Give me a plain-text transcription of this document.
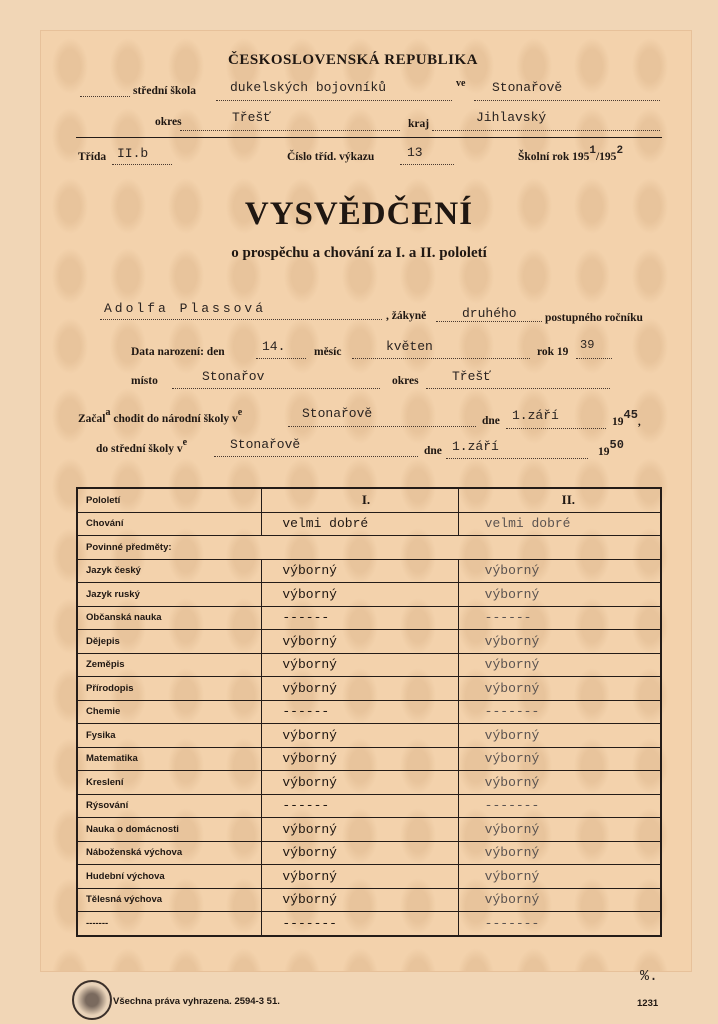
ČESKOSLOVENSKÁ REPUBLIKA
střední škola	dukelských bojovníků	ve Stonařově
okres	Třešť	kraj	Jihlavský
Třída II.b	Číslo tříd. výkazu	13	Školní rok 1951/1952
VYSVĚDČENÍ
o prospěchu a chování za I. a II. pololetí
Adolfa Plassová	, žákyně	druhého postupného ročníku
Data narození: den	14. měsíc	květen	rok 19 39
místo	Stonařov	okres	Třešť
Začala chodit do národní školy ve	Stonařově	dne 1.září	1945,
do střední školy ve	Stonařově	dne 1.září	1950
Pololetí	I.	II.
Chování	velmi dobré	velmi dobré
Povinné předměty:		
Jazyk český	výborný	výborný
Jazyk ruský	výborný	výborný
Občanská nauka	------	------
Dějepis	výborný	výborný
Zeměpis	výborný	výborný
Přírodopis	výborný	výborný
Chemie	------	-------
Fysika	výborný	výborný
Matematika	výborný	výborný
Kreslení	výborný	výborný
Rýsování	------	-------
Nauka o domácnosti	výborný	výborný
Náboženská výchova	výborný	výborný
Hudební výchova	výborný	výborný
Tělesná výchova	výborný	výborný
-------	-------	-------
Všechna práva vyhrazena. 2594-3 51.
%.
1231
